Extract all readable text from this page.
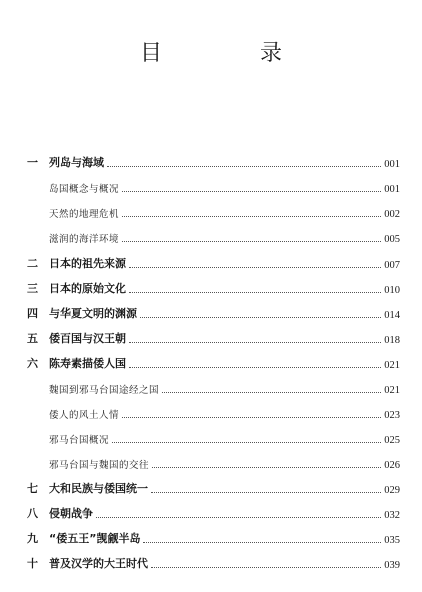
目　录
一	列岛与海域	001
岛国概念与概况	001
天然的地理危机	002
滋润的海洋环境	005
二	日本的祖先来源	007
三	日本的原始文化	010
四	与华夏文明的渊源	014
五	倭百国与汉王朝	018
六	陈寿素描倭人国	021
魏国到邪马台国途经之国	021
倭人的风土人情	023
邪马台国概况	025
邪马台国与魏国的交往	026
七	大和民族与倭国统一	029
八	侵朝战争	032
九	“倭五王”觊觎半岛	035
十	普及汉学的大王时代	039
